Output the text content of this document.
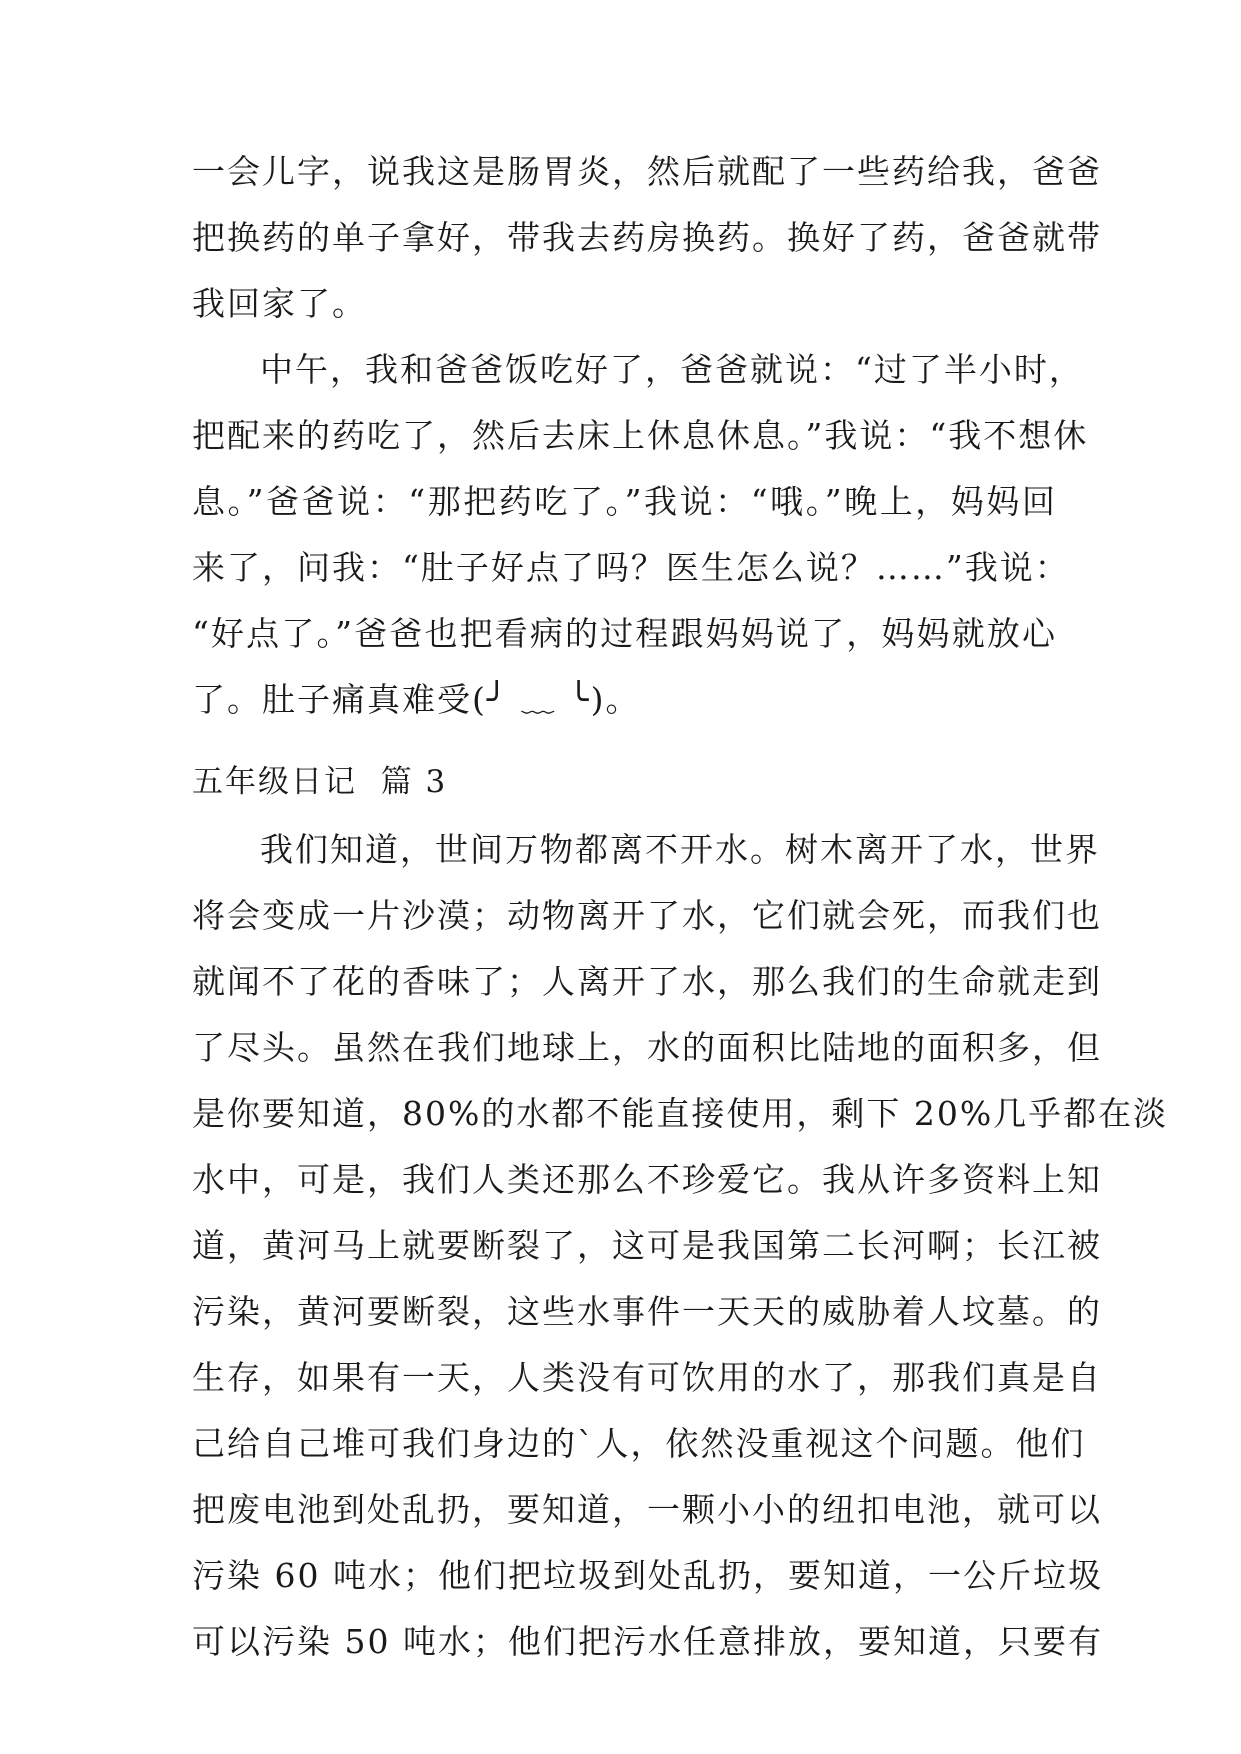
一会儿字，说我这是肠胃炎，然后就配了一些药给我，爸爸
把换药的单子拿好，带我去药房换药。换好了药，爸爸就带
我回家了。
中午，我和爸爸饭吃好了，爸爸就说：“过了半小时，
把配来的药吃了，然后去床上休息休息。”我说：“我不想休
息。”爸爸说：“那把药吃了。”我说：“哦。”晚上，妈妈回
来了，问我：“肚子好点了吗？医生怎么说？……”我说：
“好点了。”爸爸也把看病的过程跟妈妈说了，妈妈就放心
了。肚子痛真难受(╯ ﹏ ╰)。
五年级日记  篇 3
我们知道，世间万物都离不开水。树木离开了水，世界
将会变成一片沙漠；动物离开了水，它们就会死，而我们也
就闻不了花的香味了；人离开了水，那么我们的生命就走到
了尽头。虽然在我们地球上，水的面积比陆地的面积多，但
是你要知道，80%的水都不能直接使用，剩下 20%几乎都在淡
水中，可是，我们人类还那么不珍爱它。我从许多资料上知
道，黄河马上就要断裂了，这可是我国第二长河啊；长江被
污染，黄河要断裂，这些水事件一天天的威胁着人坟墓。的
生存，如果有一天，人类没有可饮用的水了，那我们真是自
己给自己堆可我们身边的`人，依然没重视这个问题。他们
把废电池到处乱扔，要知道，一颗小小的纽扣电池，就可以
污染 60 吨水；他们把垃圾到处乱扔，要知道，一公斤垃圾
可以污染 50 吨水；他们把污水任意排放，要知道，只要有
